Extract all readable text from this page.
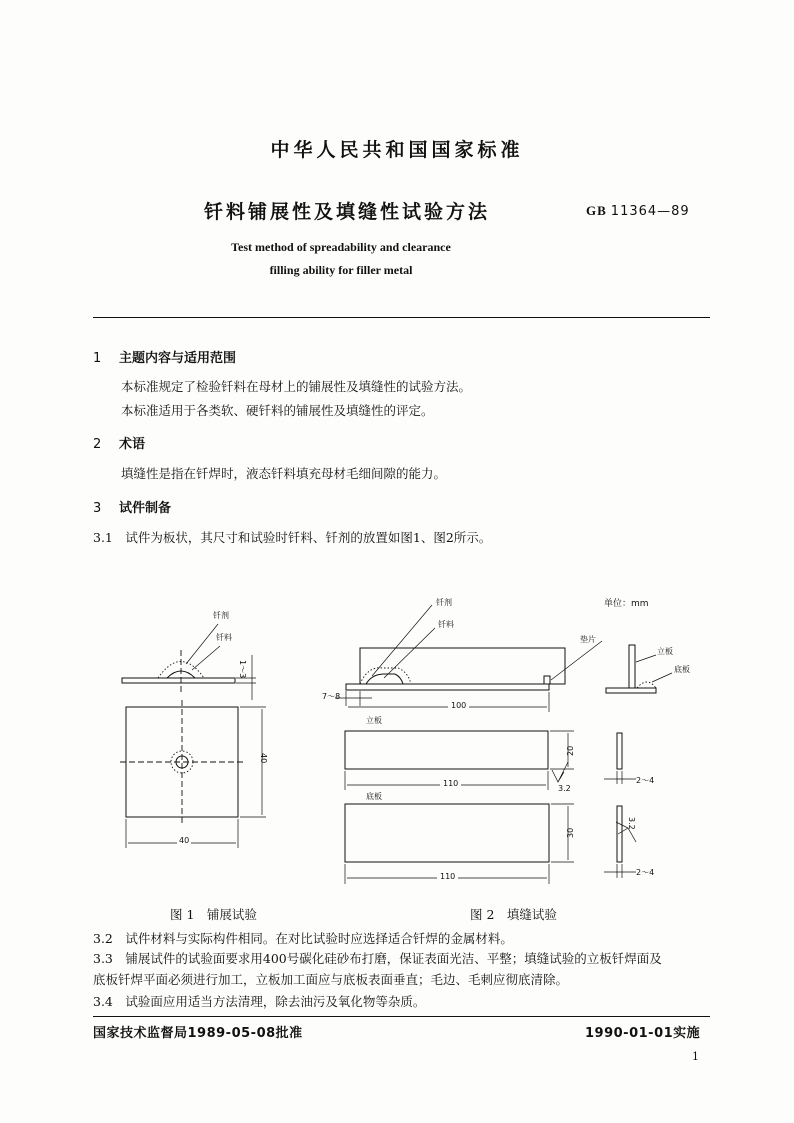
中华人民共和国国家标准
钎料铺展性及填缝性试验方法	GB 11364—89
Test method of spreadability and clearance
filling ability for filler metal
1 主题内容与适用范围
本标准规定了检验钎料在母材上的铺展性及填缝性的试验方法。
本标准适用于各类软、硬钎料的铺展性及填缝性的评定。
2 术语
填缝性是指在钎焊时，液态钎料填充母材毛细间隙的能力。
3 试件制备
3.1　试件为板状，其尺寸和试验时钎料、钎剂的放置如图1、图2所示。
钎剂
钎料
1～3
40
40
单位：mm
钎剂
钎料
垫片
立板
底板
7～8
100
立板
20
110
3.2
2～4
底板
30
110
3.2
2～4
图 1　铺展试验	图 2　填缝试验
3.2　试件材料与实际构件相同。在对比试验时应选择适合钎焊的金属材料。
3.3　铺展试件的试验面要求用400号碳化硅砂布打磨，保证表面光洁、平整；填缝试验的立板钎焊面及
底板钎焊平面必须进行加工，立板加工面应与底板表面垂直；毛边、毛刺应彻底清除。
3.4　试验面应用适当方法清理，除去油污及氧化物等杂质。
国家技术监督局1989-05-08批准	1990-01-01实施
1
